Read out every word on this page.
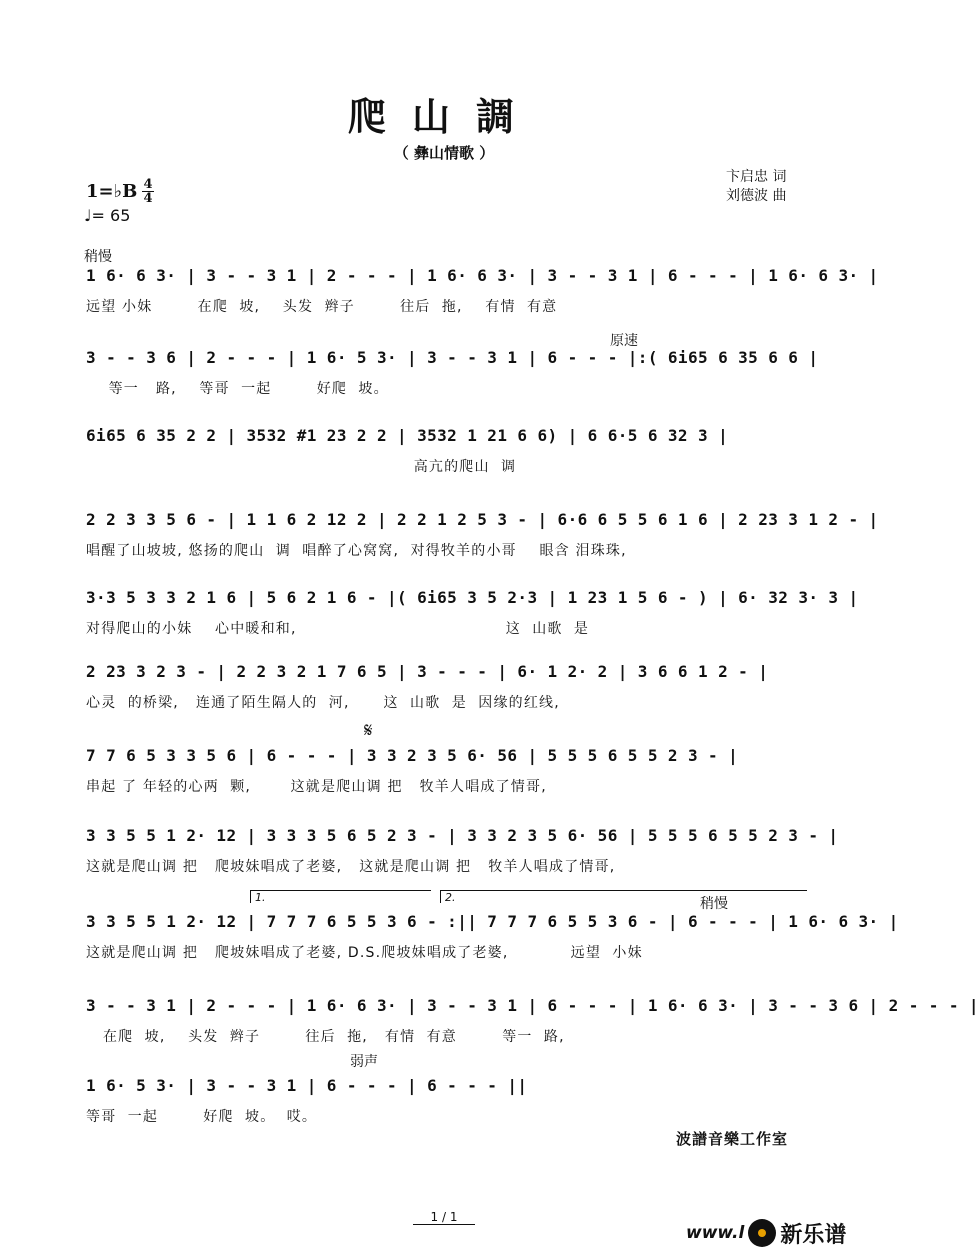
爬山調
（ 彝山情歌 ）
卞启忠 词
刘德波 曲
1=♭B 4
4
♩= 65
稍慢
原速
稍慢
弱声
𝄋
1.	2.
1 6· 6 3· | 3 - - 3 1 | 2 - - - | 1 6· 6 3· | 3 - - 3 1 | 6 - - - | 1 6· 6 3· |
远望 小妹        在爬  坡,    头发  辫子        往后  拖,    有情  有意
3 - - 3 6 | 2 - - - | 1 6· 5 3· | 3 - - 3 1 | 6 - - - |:( 6i65 6 35 6 6 |
等一   路,    等哥  一起        好爬  坡。
6i65 6 35 2 2 | 3532 #1 23 2 2 | 3532 1 21 6 6) | 6 6·5 6 32 3 |
高亢的爬山  调
2 2 3 3 5 6 - | 1 1 6 2 12 2 | 2 2 1 2 5 3 - | 6·6 6 5 5 6 1 6 | 2 23 3 1 2 - |
唱醒了山坡坡, 悠扬的爬山  调  唱醉了心窝窝,  对得牧羊的小哥    眼含 泪珠珠,
3·3 5 3 3 2 1 6 | 5 6 2 1 6 - |( 6i65 3 5 2·3 | 1 23 1 5 6 - ) | 6· 32 3· 3 |
对得爬山的小妹    心中暖和和,                                     这  山歌  是
2 23 3 2 3 - | 2 2 3 2 1 7 6 5 | 3 - - - | 6· 1 2· 2 | 3 6 6 1 2 - |
心灵  的桥梁,   连通了陌生隔人的  河,      这  山歌  是  因缘的红线,
7 7 6 5 3 3 5 6 | 6 - - - | 3 3 2 3 5 6· 56 | 5 5 5 6 5 5 2 3 - |
串起 了 年轻的心两  颗,       这就是爬山调 把   牧羊人唱成了情哥,
3 3 5 5 1 2· 12 | 3 3 3 5 6 5 2 3 - | 3 3 2 3 5 6· 56 | 5 5 5 6 5 5 2 3 - |
这就是爬山调 把   爬坡妹唱成了老婆,   这就是爬山调 把   牧羊人唱成了情哥,
3 3 5 5 1 2· 12 | 7 7 7 6 5 5 3 6 - :|| 7 7 7 6 5 5 3 6 - | 6 - - - | 1 6· 6 3· |
这就是爬山调 把   爬坡妹唱成了老婆, D.S.爬坡妹唱成了老婆,           远望  小妹
3 - - 3 1 | 2 - - - | 1 6· 6 3· | 3 - - 3 1 | 6 - - - | 1 6· 6 3· | 3 - - 3 6 | 2 - - - |
在爬  坡,    头发  辫子        往后  拖,   有情  有意        等一  路,
1 6· 5 3· | 3 - - 3 1 | 6 - - - | 6 - - - ||
等哥  一起        好爬  坡。  哎。
波譜音樂工作室
1 / 1
www.l 新乐谱
